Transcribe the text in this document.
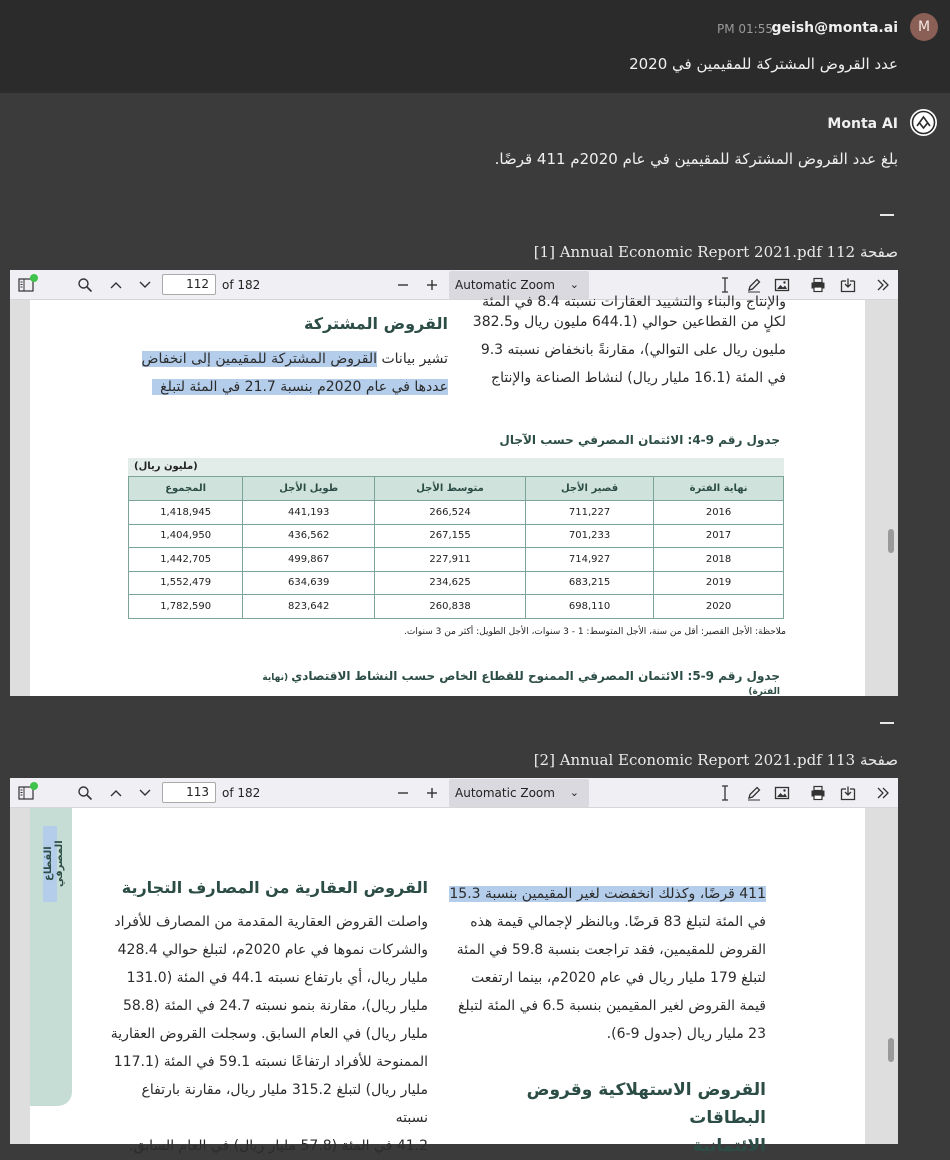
PM 01:55
geish@monta.ai	M
عدد القروض المشتركة للمقيمين في 2020
Monta AI
بلغ عدد القروض المشتركة للمقيمين في عام 2020م 411 قرضًا.
[1] Annual Economic Report 2021.pdf صفحة 112
112	of 182	Automatic Zoom ⌄
والإنتاج والبناء والتشييد العقارات نسبته 8.4 في المئة
لكلٍ من القطاعين حوالي (644.1 مليون ريال و382.5
مليون ريال على التوالي)، مقارنةً بانخفاض نسبته 9.3
في المئة (16.1 مليار ريال) لنشاط الصناعة والإنتاج
القروض المشتركة
تشير بيانات القروض المشتركة للمقيمين إلى انخفاض
عددها في عام 2020م بنسبة 21.7 في المئة لتبلغ
جدول رقم 9-4: الائتمان المصرفي حسب الآجال
(مليون ريال)
نهاية الفترة	قصير الأجل	متوسط الأجل	طويل الأجل	المجموع
2016	711,227	266,524	441,193	1,418,945
2017	701,233	267,155	436,562	1,404,950
2018	714,927	227,911	499,867	1,442,705
2019	683,215	234,625	634,639	1,552,479
2020	698,110	260,838	823,642	1,782,590
ملاحظة: الأجل القصير: أقل من سنة، الأجل المتوسط: 1 - 3 سنوات، الأجل الطويل: أكثر من 3 سنوات.
جدول رقم 9-5: الائتمان المصرفي الممنوح للقطاع الخاص حسب النشاط الاقتصادي (نهاية الفترة)
[2] Annual Economic Report 2021.pdf صفحة 113
113	of 182	Automatic Zoom ⌄
القطاع المصرفي
411 قرضًا، وكذلك انخفضت لغير المقيمين بنسبة 15.3
في المئة لتبلغ 83 قرضًا. وبالنظر لإجمالي قيمة هذه
القروض للمقيمين، فقد تراجعت بنسبة 59.8 في المئة
لتبلغ 179 مليار ريال في عام 2020م، بينما ارتفعت
قيمة القروض لغير المقيمين بنسبة 6.5 في المئة لتبلغ
23 مليار ريال (جدول 9-6).
القروض الاستهلاكية وقروض البطاقات
الائتمانية
القروض العقارية من المصارف التجارية
واصلت القروض العقارية المقدمة من المصارف للأفراد
والشركات نموها في عام 2020م، لتبلغ حوالي 428.4
مليار ريال، أي بارتفاع نسبته 44.1 في المئة (131.0
مليار ريال)، مقارنة بنمو نسبته 24.7 في المئة (58.8
مليار ريال) في العام السابق. وسجلت القروض العقارية
الممنوحة للأفراد ارتفاعًا نسبته 59.1 في المئة (117.1
مليار ريال) لتبلغ 315.2 مليار ريال، مقارنة بارتفاع نسبته
41.2 في المئة (57.8 مليار ريال) في العام السابق.
